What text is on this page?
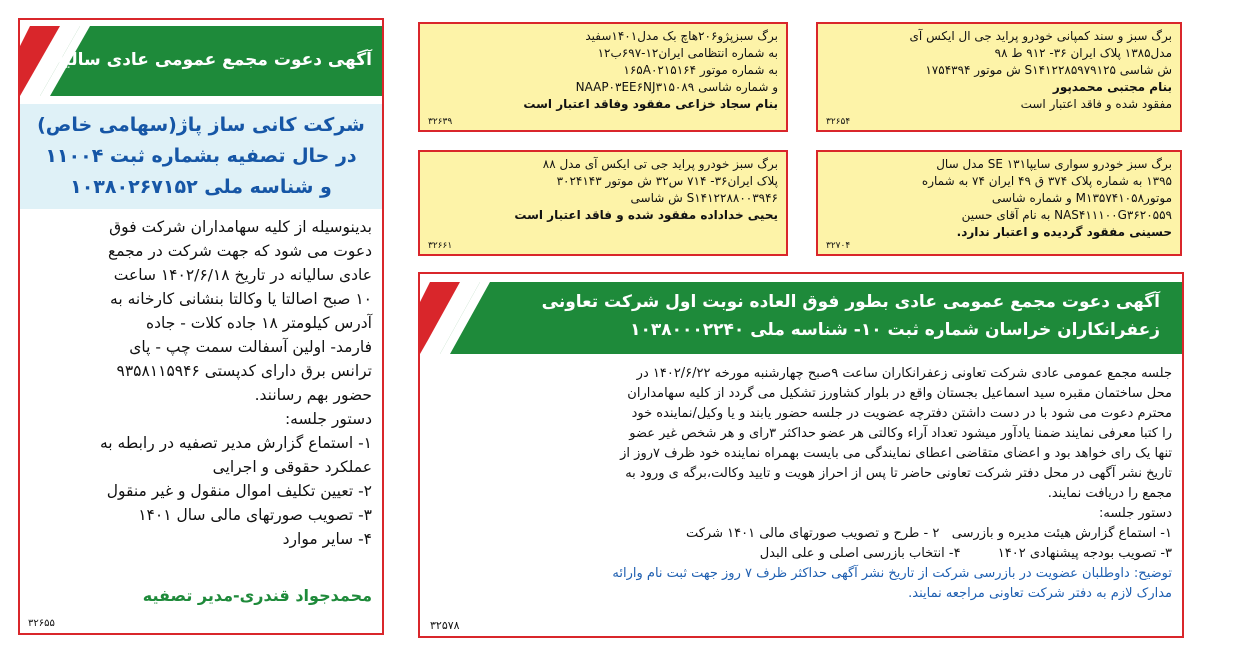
برگ سبز و سند کمپانی خودرو پراید جی ال ایکس آی

مدل۱۳۸۵ پلاک ایران ۳۶- ۹۱۲ ط ۹۸

ش شاسی S۱۴۱۲۲۸۵۹۷۹۱۲۵ ش موتور ۱۷۵۴۳۹۴

بنام مجتبی محمدپور

مفقود شده و فاقد اعتبار است

۳۲۶۵۴

برگ سبزپژو۲۰۶هاچ بک مدل۱۴۰۱سفید

به شماره انتظامی ایران۱۲-۶۹۷ب۱۲

به شماره موتور ۱۶۵A۰۲۱۵۱۶۴

و شماره شاسی NAAP۰۳EE۶NJ۳۱۵۰۸۹

بنام سجاد خزاعی مفقود وفاقد اعتبار است

۳۲۶۳۹

برگ سبز خودرو سواری سایپاSE ۱۳۱ مدل سال

۱۳۹۵ به شماره پلاک ۳۷۴ ق ۴۹ ایران ۷۴ به شماره

موتورM۱۳۵۷۴۱۰۵۸ و شماره شاسی

NAS۴۱۱۱۰۰G۳۶۲۰۵۵۹ به نام آقای حسین

حسینی مفقود گردیده و اعتبار ندارد.

۳۲۷۰۴

برگ سبز خودرو پراید جی تی ایکس آی مدل ۸۸

پلاک ایران۳۶- ۷۱۴ س۳۲ ش موتور ۳۰۲۴۱۴۳

S۱۴۱۲۲۸۸۰۰۳۹۴۶ ش شاسی

یحیی خداداده مفقود شده و فاقد اعتبار است

۳۲۶۶۱
آگهی دعوت مجمع عمومی عادی سالیانه

شرکت کانی ساز پاژ(سهامی خاص)

در حال تصفیه بشماره ثبت ۱۱۰۰۴

و شناسه ملی ۱۰۳۸۰۲۶۷۱۵۲

بدینوسیله از کلیه سهامداران شرکت فوق

دعوت می شود که جهت شرکت در مجمع

عادی سالیانه در تاریخ ۱۴۰۲/۶/۱۸ ساعت

۱۰ صبح اصالتا یا وکالتا بنشانی کارخانه به

آدرس کیلومتر ۱۸ جاده کلات - جاده

فارمد- اولین آسفالت سمت چپ - پای

ترانس برق دارای کدپستی ۹۳۵۸۱۱۵۹۴۶

حضور بهم رسانند.

دستور جلسه:

۱- استماع گزارش مدیر تصفیه در رابطه به

عملکرد حقوقی و اجرایی

۲- تعیین تکلیف اموال منقول و غیر منقول

۳- تصویب صورتهای مالی سال ۱۴۰۱

۴- سایر موارد

محمدجواد قندری-مدیر تصفیه
۳۲۶۵۵

آگهی دعوت مجمع عمومی عادی بطور فوق العاده نوبت اول شرکت تعاونی

زعفرانکاران خراسان شماره ثبت ۱۰- شناسه ملی ۱۰۳۸۰۰۰۲۲۴۰

جلسه مجمع عمومی عادی شرکت تعاونی زعفرانکاران ساعت ۹صبح چهارشنبه مورخه ۱۴۰۲/۶/۲۲ در

محل ساختمان مقبره سید اسماعیل بجستان واقع در بلوار کشاورز تشکیل می گردد از کلیه سهامداران

محترم دعوت می شود با در دست داشتن دفترچه عضویت در جلسه حضور یابند و یا وکیل/نماینده خود

را کتبا معرفی نمایند ضمنا یادآور میشود تعداد آراء وکالتی هر عضو حداکثر ۳رای و هر شخص غیر عضو

تنها یک رای خواهد بود و اعضای متقاضی اعطای نمایندگی می بایست بهمراه نماینده خود ظرف ۷روز از

تاریخ نشر آگهی در محل دفتر شرکت تعاونی حاضر تا پس از احراز هویت و تایید وکالت،برگه ی ورود به

مجمع را دریافت نمایند.

دستور جلسه:

۱- استماع گزارش هیئت مدیره و بازرسی   ۲ - طرح و تصویب صورتهای مالی ۱۴۰۱ شرکت

۳- تصویب بودجه پیشنهادی ۱۴۰۲         ۴- انتخاب بازرسی اصلی و علی البدل

توضیح: داوطلبان عضویت در بازرسی شرکت از تاریخ نشر آگهی حداکثر ظرف ۷ روز جهت ثبت نام وارائه

مدارک لازم به دفتر شرکت تعاونی مراجعه نمایند.

۳۲۵۷۸
